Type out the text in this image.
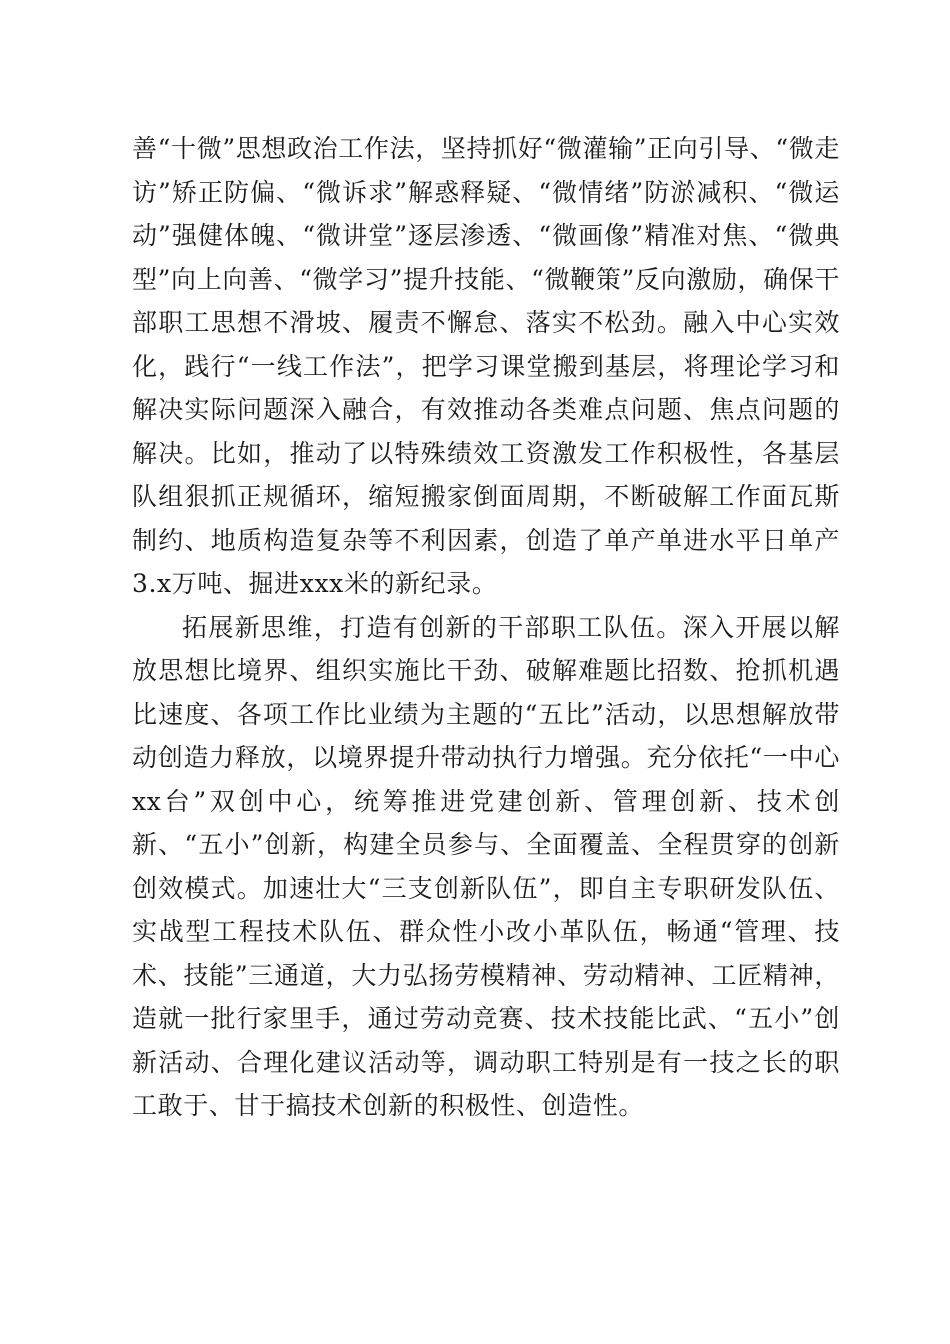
善“十微”思想政治工作法，坚持抓好“微灌输”正向引导、“微走访”矫正防偏、“微诉求”解惑释疑、“微情绪”防淤减积、“微运动”强健体魄、“微讲堂”逐层渗透、“微画像”精准对焦、“微典型”向上向善、“微学习”提升技能、“微鞭策”反向激励，确保干部职工思想不滑坡、履责不懈怠、落实不松劲。融入中心实效化，践行“一线工作法”，把学习课堂搬到基层，将理论学习和解决实际问题深入融合，有效推动各类难点问题、焦点问题的解决。比如，推动了以特殊绩效工资激发工作积极性，各基层队组狠抓正规循环，缩短搬家倒面周期，不断破解工作面瓦斯制约、地质构造复杂等不利因素，创造了单产单进水平日单产3.x万吨、掘进xxx米的新纪录。

拓展新思维，打造有创新的干部职工队伍。深入开展以解放思想比境界、组织实施比干劲、破解难题比招数、抢抓机遇比速度、各项工作比业绩为主题的“五比”活动，以思想解放带动创造力释放，以境界提升带动执行力增强。充分依托“一中心xx台”双创中心，统筹推进党建创新、管理创新、技术创新、“五小”创新，构建全员参与、全面覆盖、全程贯穿的创新创效模式。加速壮大“三支创新队伍”，即自主专职研发队伍、实战型工程技术队伍、群众性小改小革队伍，畅通“管理、技术、技能”三通道，大力弘扬劳模精神、劳动精神、工匠精神，造就一批行家里手，通过劳动竞赛、技术技能比武、“五小”创新活动、合理化建议活动等，调动职工特别是有一技之长的职工敢于、甘于搞技术创新的积极性、创造性。
